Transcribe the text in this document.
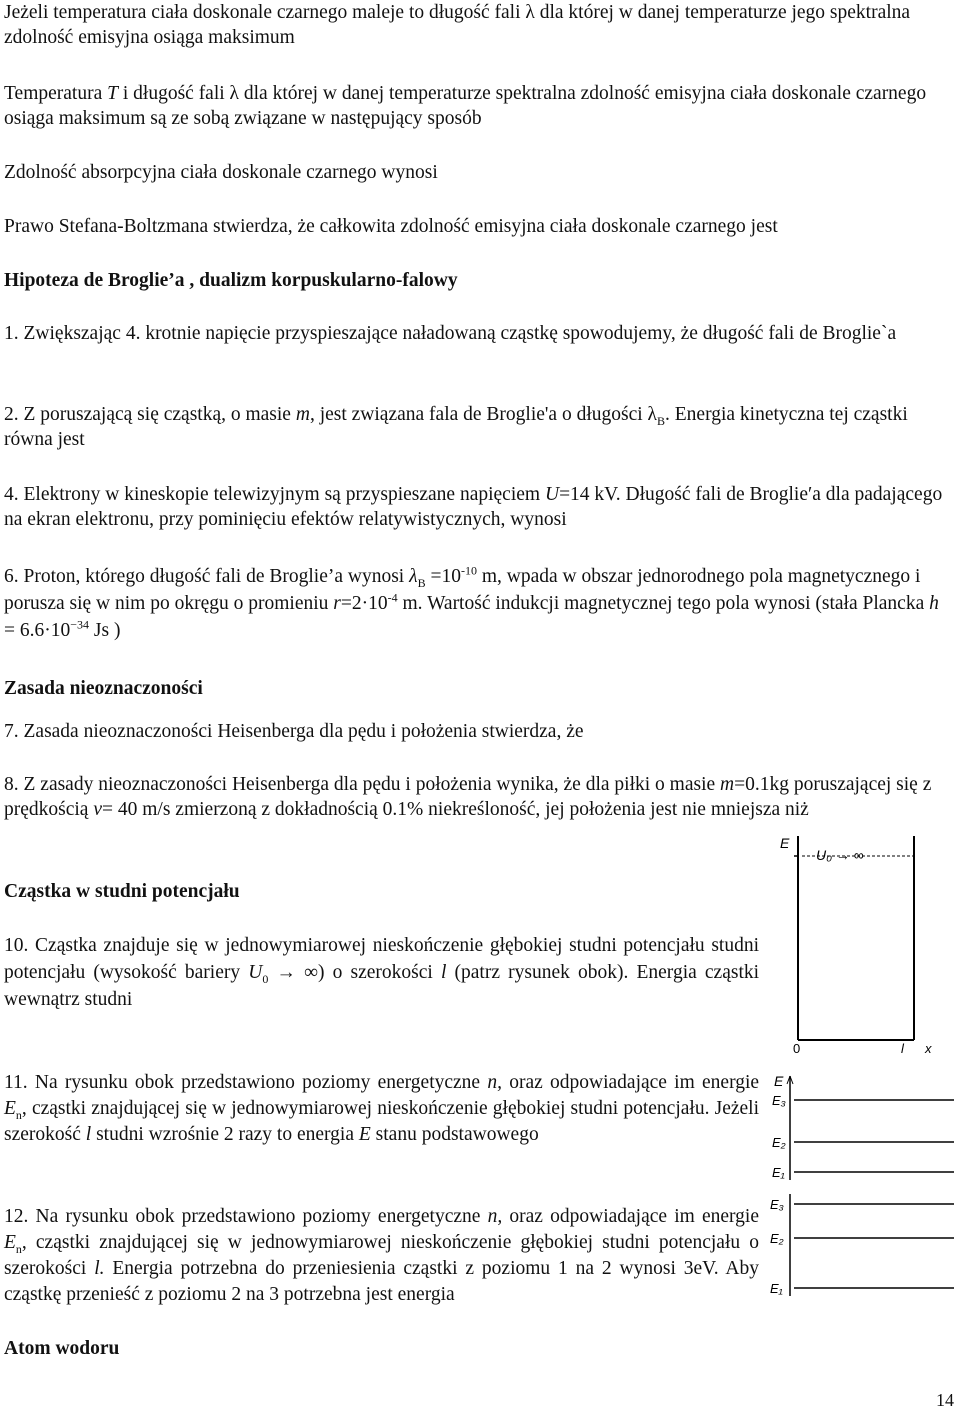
Jeżeli temperatura ciała doskonale czarnego maleje to długość fali λ dla której w danej temperaturze jego spektralna zdolność emisyjna osiąga maksimum

Temperatura T i długość fali λ dla której w danej temperaturze spektralna zdolność emisyjna ciała doskonale czarnego osiąga maksimum są ze sobą związane w następujący sposób

Zdolność absorpcyjna ciała doskonale czarnego wynosi

Prawo Stefana-Boltzmana stwierdza, że całkowita zdolność emisyjna ciała doskonale czarnego jest

Hipoteza de Broglie’a , dualizm korpuskularno-falowy

1. Zwiększając 4. krotnie napięcie przyspieszające naładowaną cząstkę spowodujemy, że długość fali de Broglie`a

2. Z poruszającą się cząstką, o masie m, jest związana fala de Broglie'a o długości $\lambda_B$. Energia kinetyczna tej cząstki równa jest

4. Elektrony w kineskopie telewizyjnym są przyspieszane napięciem U=14 kV. Długość fali de Broglie′a dla padającego na ekran elektronu, przy pominięciu efektów relatywistycznych, wynosi

6. Proton, którego długość fali de Broglie’a wynosi $\lambda_B =10^{-10}$ m, wpada w obszar jednorodnego pola magnetycznego i porusza się w nim po okręgu o promieniu $r=2\cdot 10^{-4}$ m. Wartość indukcji magnetycznej tego pola wynosi (stała Plancka $h = 6.6\cdot 10^{-34}$ Js )

Zasada nieoznaczoności

7. Zasada nieoznaczoności Heisenberga dla pędu i położenia stwierdza, że

8. Z zasady nieoznaczoności Heisenberga dla pędu i położenia wynika, że dla piłki o masie m=0.1kg poruszającej się z prędkością v= 40 m/s zmierzoną z dokładnością 0.1% niekreśloność, jej położenia jest nie mniejsza niż

Cząstka w studni potencjału

10. Cząstka znajduje się w jednowymiarowej nieskończenie głębokiej studni potencjału studni potencjału (wysokość bariery $U_0$ → ∞) o szerokości l (patrz rysunek obok). Energia cząstki wewnątrz studni

11. Na rysunku obok przedstawiono poziomy energetyczne n, oraz odpowiadające im energie $E_n$, cząstki znajdującej się w jednowymiarowej nieskończenie głębokiej studni potencjału. Jeżeli szerokość l studni wzrośnie 2 razy to energia E stanu podstawowego

12. Na rysunku obok przedstawiono poziomy energetyczne n, oraz odpowiadające im energie $E_n$, cząstki znajdującej się w jednowymiarowej nieskończenie głębokiej studni potencjału o szerokości l. Energia potrzebna do przeniesienia cząstki z poziomu 1 na 2 wynosi 3eV. Aby cząstkę przenieść z poziomu 2 na 3 potrzebna jest energia

Atom wodoru

E
U₀ → ∞
0	l x
E
E₃
E₂
E₁
E₃
E₂
E₁
14
